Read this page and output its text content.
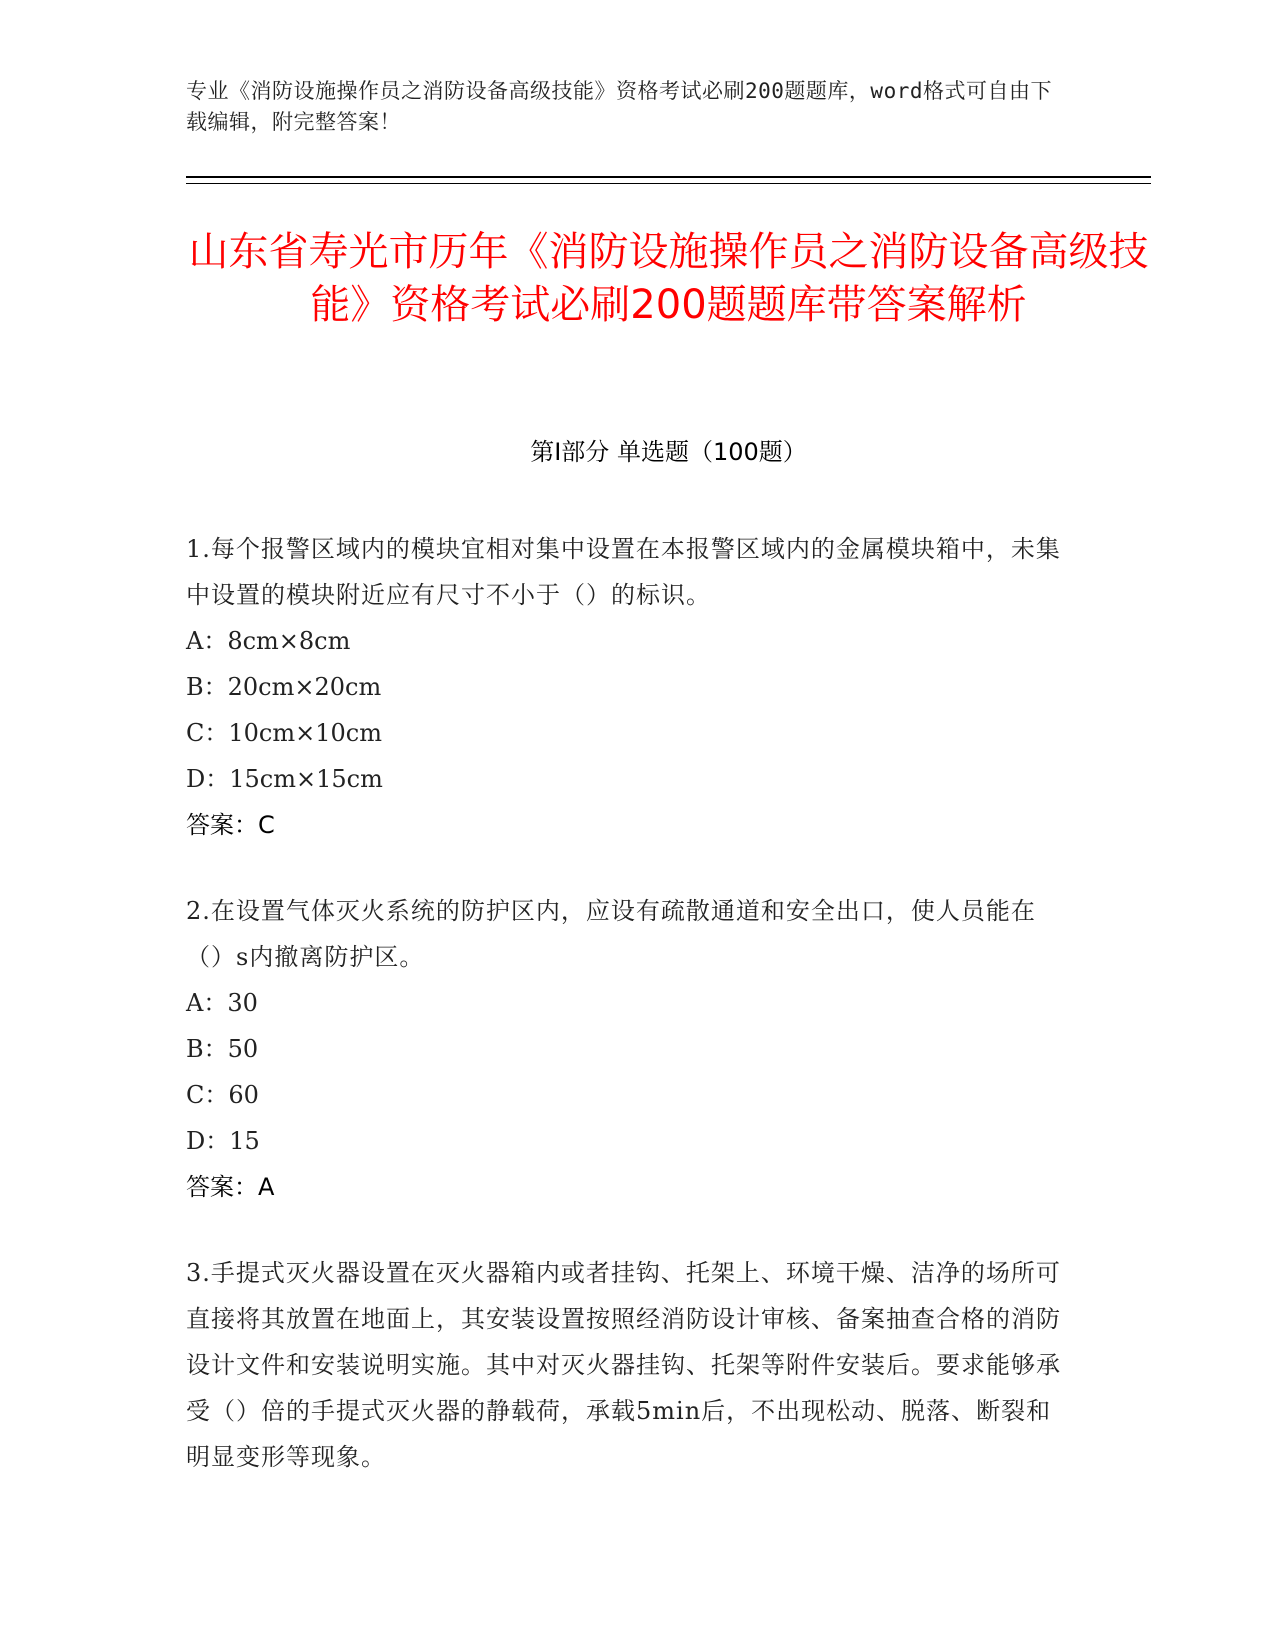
专业《消防设施操作员之消防设备高级技能》资格考试必刷200题题库，word格式可自由下载编辑，附完整答案！
山东省寿光市历年《消防设施操作员之消防设备高级技能》资格考试必刷200题题库带答案解析
第Ⅰ部分 单选题（100题）
1.每个报警区域内的模块宜相对集中设置在本报警区域内的金属模块箱中，未集中设置的模块附近应有尺寸不小于（）的标识。
A：8cm×8cm
B：20cm×20cm
C：10cm×10cm
D：15cm×15cm
答案：C
2.在设置气体灭火系统的防护区内，应设有疏散通道和安全出口，使人员能在（）s内撤离防护区。
A：30
B：50
C：60
D：15
答案：A
3.手提式灭火器设置在灭火器箱内或者挂钩、托架上、环境干燥、洁净的场所可直接将其放置在地面上，其安装设置按照经消防设计审核、备案抽查合格的消防设计文件和安装说明实施。其中对灭火器挂钩、托架等附件安装后。要求能够承受（）倍的手提式灭火器的静载荷，承载5min后，不出现松动、脱落、断裂和明显变形等现象。
